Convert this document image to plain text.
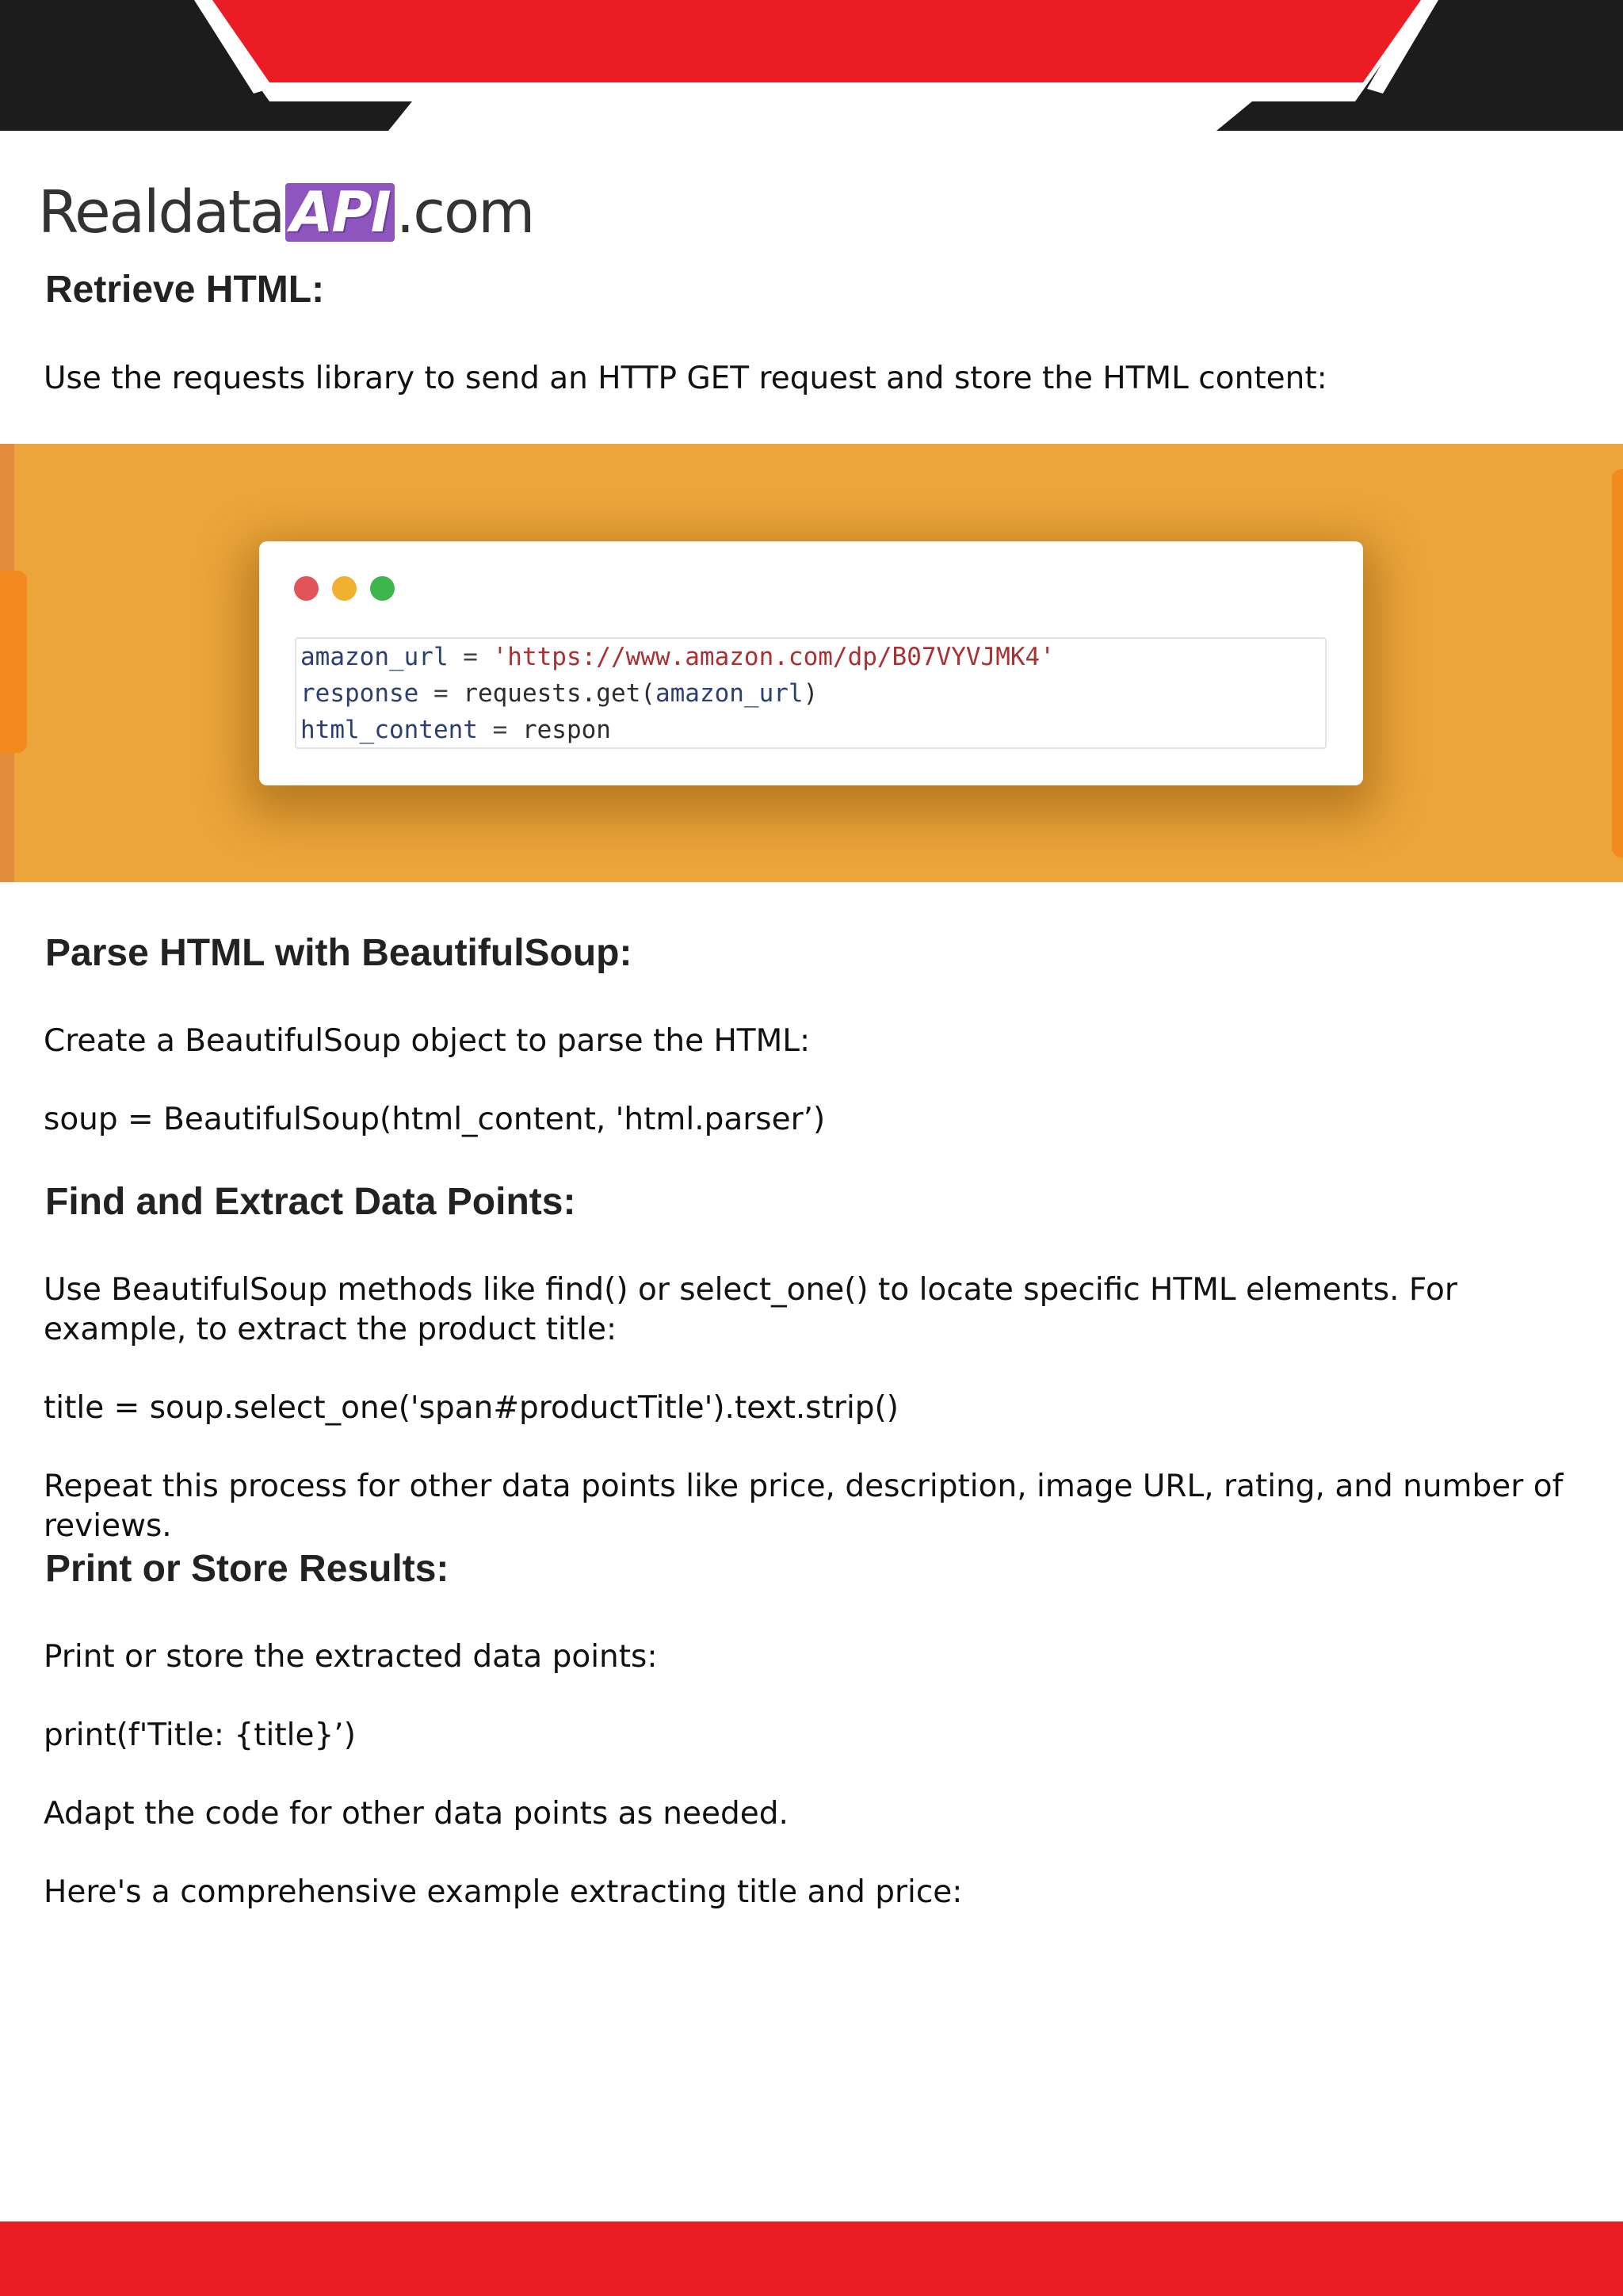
Realdata API .com
Retrieve HTML:

Use the requests library to send an HTTP GET request and store the HTML content:

amazon_url = 'https://www.amazon.com/dp/B07VYVJMK4'
response = requests.get(amazon_url)
html_content = respon
Parse HTML with BeautifulSoup:

Create a BeautifulSoup object to parse the HTML:

soup = BeautifulSoup(html_content, 'html.parser’)

Find and Extract Data Points:

Use BeautifulSoup methods like find() or select_one() to locate specific HTML elements. For example, to extract the product title:

title = soup.select_one('span#productTitle').text.strip()

Repeat this process for other data points like price, description, image URL, rating, and number of reviews.

Print or Store Results:

Print or store the extracted data points:

print(f'Title: {title}’)

Adapt the code for other data points as needed.

Here's a comprehensive example extracting title and price:
